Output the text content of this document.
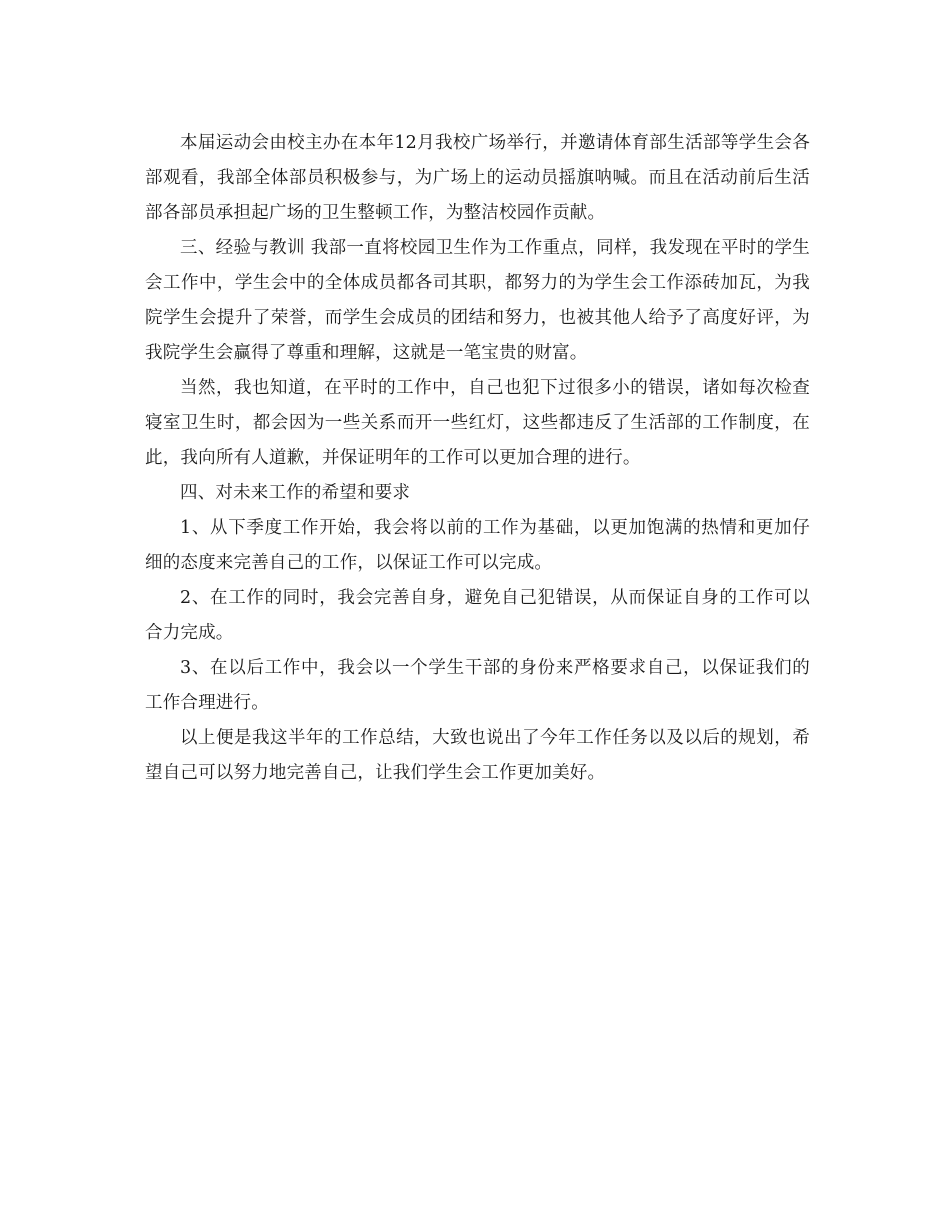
本届运动会由校主办在本年12月我校广场举行，并邀请体育部生活部等学生会各部观看，我部全体部员积极参与，为广场上的运动员摇旗呐喊。而且在活动前后生活部各部员承担起广场的卫生整顿工作，为整洁校园作贡献。

三、经验与教训 我部一直将校园卫生作为工作重点，同样，我发现在平时的学生会工作中，学生会中的全体成员都各司其职，都努力的为学生会工作添砖加瓦，为我院学生会提升了荣誉，而学生会成员的团结和努力，也被其他人给予了高度好评，为我院学生会赢得了尊重和理解，这就是一笔宝贵的财富。

当然，我也知道，在平时的工作中，自己也犯下过很多小的错误，诸如每次检查寝室卫生时，都会因为一些关系而开一些红灯，这些都违反了生活部的工作制度，在此，我向所有人道歉，并保证明年的工作可以更加合理的进行。

四、对未来工作的希望和要求

1、从下季度工作开始，我会将以前的工作为基础，以更加饱满的热情和更加仔细的态度来完善自己的工作，以保证工作可以完成。

2、在工作的同时，我会完善自身，避免自己犯错误，从而保证自身的工作可以合力完成。

3、在以后工作中，我会以一个学生干部的身份来严格要求自己，以保证我们的工作合理进行。

以上便是我这半年的工作总结，大致也说出了今年工作任务以及以后的规划，希望自己可以努力地完善自己，让我们学生会工作更加美好。
